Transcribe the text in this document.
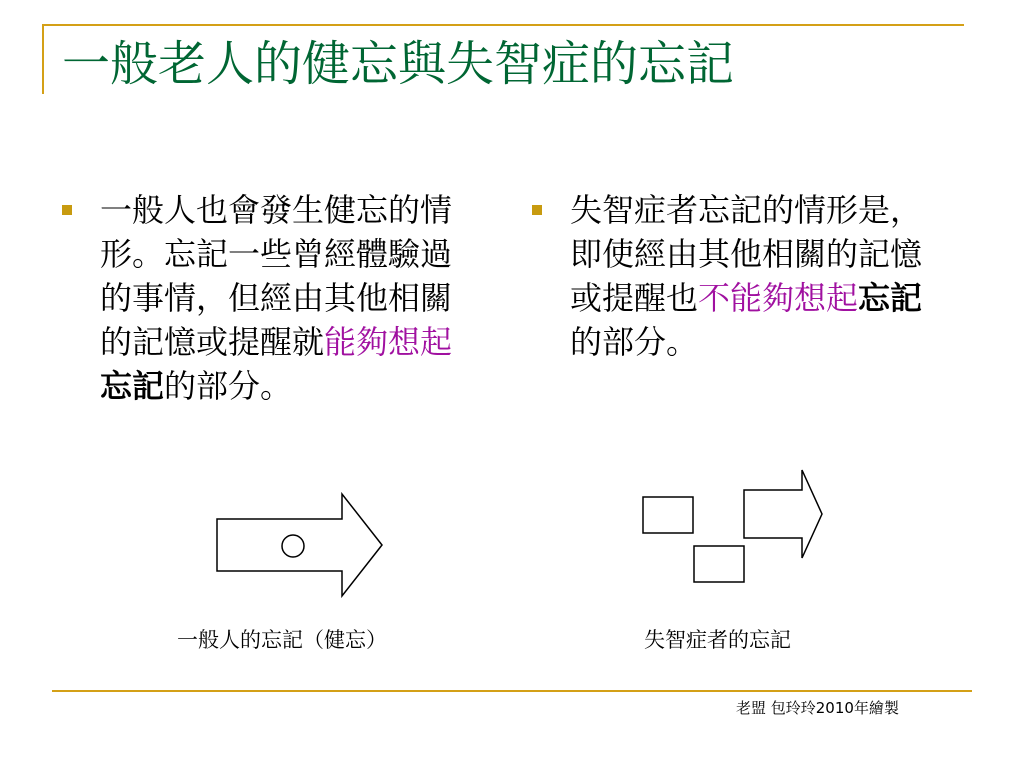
一般老人的健忘與失智症的忘記
一般人也會發生健忘的情形。忘記一些曾經體驗過的事情，但經由其他相關的記憶或提醒就能夠想起忘記的部分。
失智症者忘記的情形是，即使經由其他相關的記憶或提醒也不能夠想起忘記的部分。
一般人的忘記（健忘）	失智症者的忘記
老盟 包玲玲2010年繪製
